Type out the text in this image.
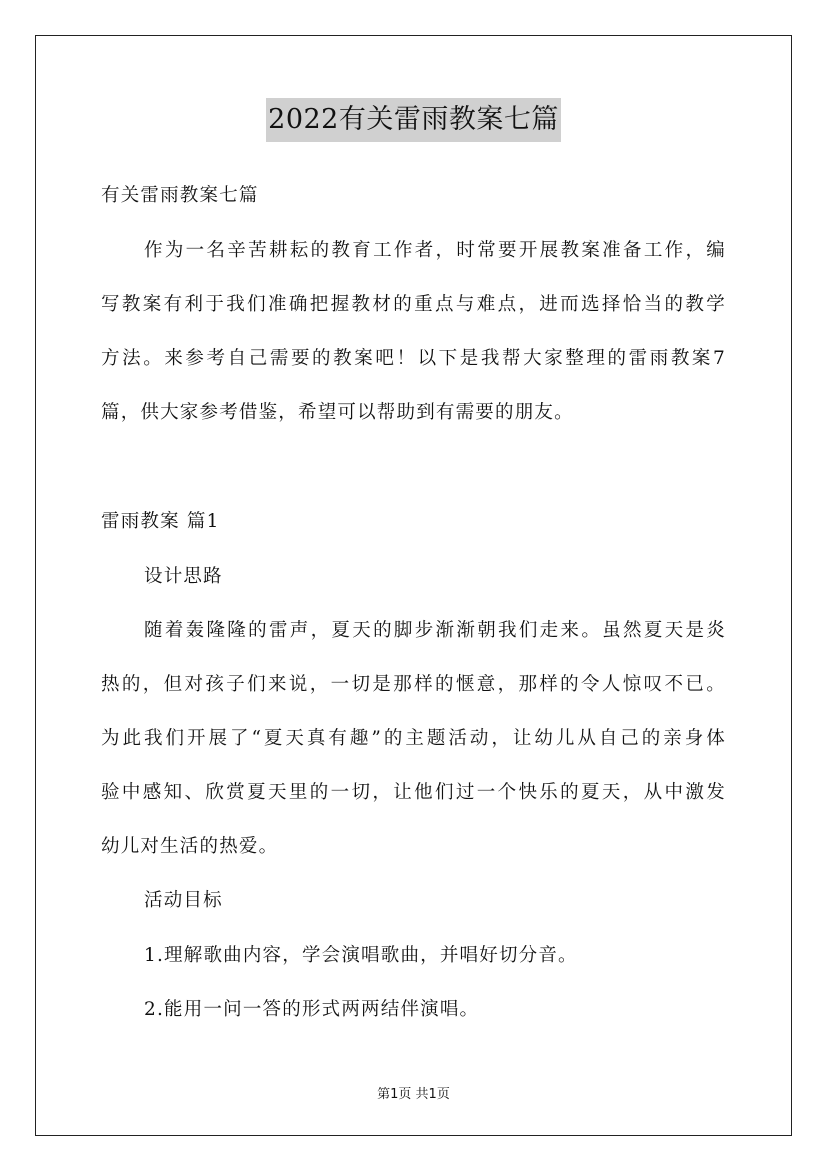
2022有关雷雨教案七篇

有关雷雨教案七篇

作为一名辛苦耕耘的教育工作者，时常要开展教案准备工作，编

写教案有利于我们准确把握教材的重点与难点，进而选择恰当的教学

方法。来参考自己需要的教案吧！以下是我帮大家整理的雷雨教案7

篇，供大家参考借鉴，希望可以帮助到有需要的朋友。

雷雨教案 篇1

设计思路

随着轰隆隆的雷声，夏天的脚步渐渐朝我们走来。虽然夏天是炎

热的，但对孩子们来说，一切是那样的惬意，那样的令人惊叹不已。

为此我们开展了“夏天真有趣”的主题活动，让幼儿从自己的亲身体

验中感知、欣赏夏天里的一切，让他们过一个快乐的夏天，从中激发

幼儿对生活的热爱。

活动目标

1.理解歌曲内容，学会演唱歌曲，并唱好切分音。

2.能用一问一答的形式两两结伴演唱。

第1页 共1页
